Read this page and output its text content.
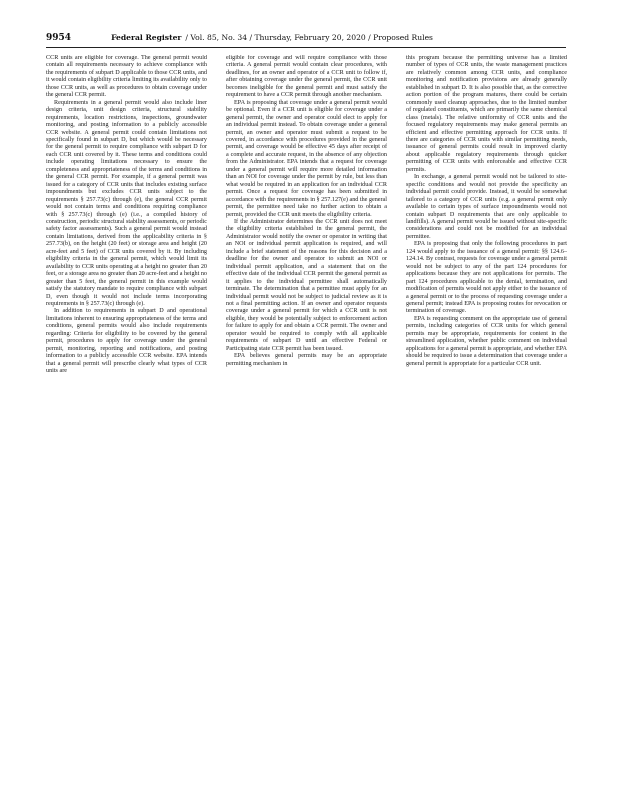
9954	Federal Register / Vol. 85, No. 34 / Thursday, February 20, 2020 / Proposed Rules

CCR units are eligible for coverage. The general permit would contain all requirements necessary to achieve compliance with the requirements of subpart D applicable to those CCR units, and it would contain eligibility criteria limiting its availability only to those CCR units, as well as procedures to obtain coverage under the general CCR permit.

Requirements in a general permit would also include liner design criteria, unit design criteria, structural stability requirements, location restrictions, inspections, groundwater monitoring, and posting information to a publicly accessible CCR website. A general permit could contain limitations not specifically found in subpart D, but which would be necessary for the general permit to require compliance with subpart D for each CCR unit covered by it. These terms and conditions could include operating limitations necessary to ensure the completeness and appropriateness of the terms and conditions in the general CCR permit. For example, if a general permit was issued for a category of CCR units that includes existing surface impoundments but excludes CCR units subject to the requirements § 257.73(c) through (e), the general CCR permit would not contain terms and conditions requiring compliance with § 257.73(c) through (e) (i.e., a compiled history of construction, periodic structural stability assessments, or periodic safety factor assessments). Such a general permit would instead contain limitations, derived from the applicability criteria in § 257.73(b), on the height (20 feet) or storage area and height (20 acre-feet and 5 feet) of CCR units covered by it. By including eligibility criteria in the general permit, which would limit its availability to CCR units operating at a height no greater than 20 feet, or a storage area no greater than 20 acre-feet and a height no greater than 5 feet, the general permit in this example would satisfy the statutory mandate to require compliance with subpart D, even though it would not include terms incorporating requirements in § 257.73(c) through (e).

In addition to requirements in subpart D and operational limitations inherent to ensuring appropriateness of the terms and conditions, general permits would also include requirements regarding: Criteria for eligibility to be covered by the general permit, procedures to apply for coverage under the general permit, monitoring, reporting and notifications, and posting information to a publicly accessible CCR website. EPA intends that a general permit will prescribe clearly what types of CCR units are

eligible for coverage and will require compliance with those criteria. A general permit would contain clear procedures, with deadlines, for an owner and operator of a CCR unit to follow if, after obtaining coverage under the general permit, the CCR unit becomes ineligible for the general permit and must satisfy the requirement to have a CCR permit through another mechanism.

EPA is proposing that coverage under a general permit would be optional. Even if a CCR unit is eligible for coverage under a general permit, the owner and operator could elect to apply for an individual permit instead. To obtain coverage under a general permit, an owner and operator must submit a request to be covered, in accordance with procedures provided in the general permit, and coverage would be effective 45 days after receipt of a complete and accurate request, in the absence of any objection from the Administrator. EPA intends that a request for coverage under a general permit will require more detailed information than an NOI for coverage under the permit by rule, but less than what would be required in an application for an individual CCR permit. Once a request for coverage has been submitted in accordance with the requirements in § 257.127(e) and the general permit, the permittee need take no further action to obtain a permit, provided the CCR unit meets the eligibility criteria.

If the Administrator determines the CCR unit does not meet the eligibility criteria established in the general permit, the Administrator would notify the owner or operator in writing that an NOI or individual permit application is required, and will include a brief statement of the reasons for this decision and a deadline for the owner and operator to submit an NOI or individual permit application, and a statement that on the effective date of the individual CCR permit the general permit as it applies to the individual permittee shall automatically terminate. The determination that a permittee must apply for an individual permit would not be subject to judicial review as it is not a final permitting action. If an owner and operator requests coverage under a general permit for which a CCR unit is not eligible, they would be potentially subject to enforcement action for failure to apply for and obtain a CCR permit. The owner and operator would be required to comply with all applicable requirements of subpart D until an effective Federal or Participating state CCR permit has been issued.

EPA believes general permits may be an appropriate permitting mechanism in

this program because the permitting universe has a limited number of types of CCR units, the waste management practices are relatively common among CCR units, and compliance monitoring and notification provisions are already generally established in subpart D. It is also possible that, as the corrective action portion of the program matures, there could be certain commonly used cleanup approaches, due to the limited number of regulated constituents, which are primarily the same chemical class (metals). The relative uniformity of CCR units and the focused regulatory requirements may make general permits an efficient and effective permitting approach for CCR units. If there are categories of CCR units with similar permitting needs, issuance of general permits could result in improved clarity about applicable regulatory requirements through quicker permitting of CCR units with enforceable and effective CCR permits.

In exchange, a general permit would not be tailored to site-specific conditions and would not provide the specificity an individual permit could provide. Instead, it would be somewhat tailored to a category of CCR units (e.g. a general permit only available to certain types of surface impoundments would not contain subpart D requirements that are only applicable to landfills). A general permit would be issued without site-specific considerations and could not be modified for an individual permittee.

EPA is proposing that only the following procedures in part 124 would apply to the issuance of a general permit: §§ 124.6–124.14. By contrast, requests for coverage under a general permit would not be subject to any of the part 124 procedures for applications because they are not applications for permits. The part 124 procedures applicable to the denial, termination, and modification of permits would not apply either to the issuance of a general permit or to the process of requesting coverage under a general permit; instead EPA is proposing routes for revocation or termination of coverage.

EPA is requesting comment on the appropriate use of general permits, including categories of CCR units for which general permits may be appropriate, requirements for content in the streamlined application, whether public comment on individual applications for a general permit is appropriate, and whether EPA should be required to issue a determination that coverage under a general permit is appropriate for a particular CCR unit.
